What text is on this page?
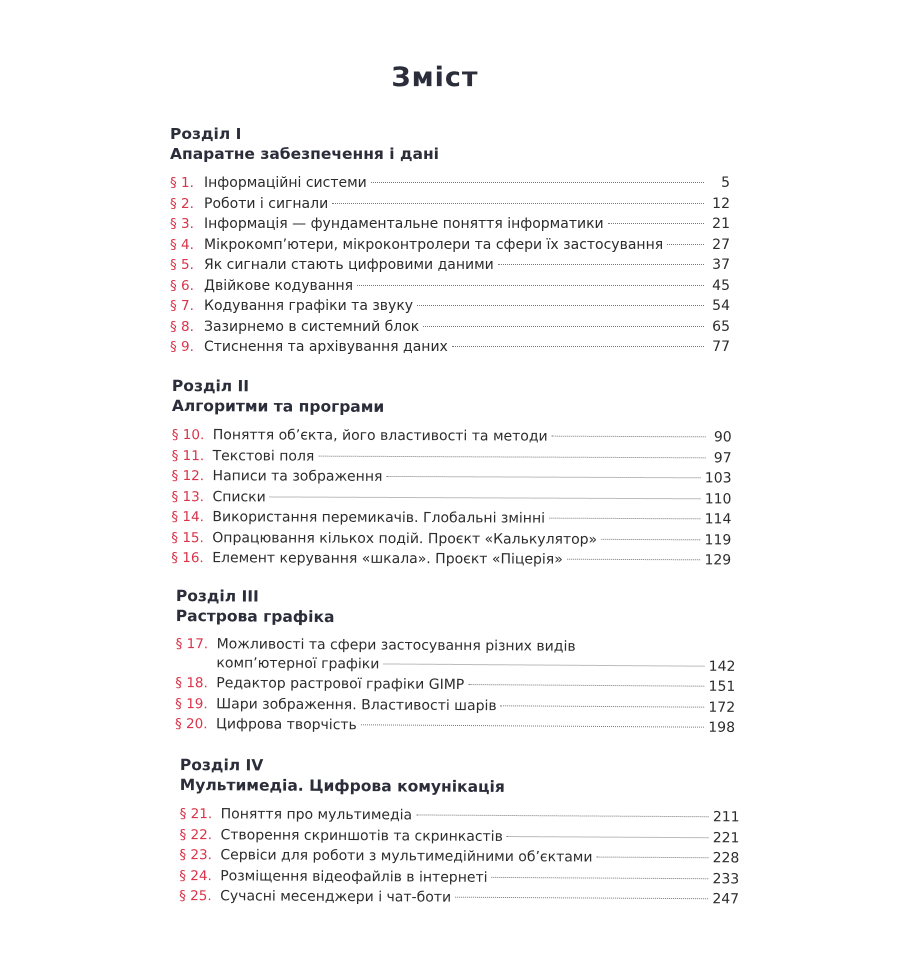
Зміст
Розділ І
Апаратне забезпечення і дані
§ 1. Інформаційні системи	5
§ 2. Роботи і сигнали	12
§ 3. Інформація — фундаментальне поняття інформатики	21
§ 4. Мікрокомп’ютери, мікроконтролери та сфери їх застосування	27
§ 5. Як сигнали стають цифровими даними	37
§ 6. Двійкове кодування	45
§ 7. Кодування графіки та звуку	54
§ 8. Зазирнемо в системний блок	65
§ 9. Стиснення та архівування даних	77
Розділ ІІ
Алгоритми та програми
§ 10. Поняття об’єкта, його властивості та методи	90
§ 11. Текстові поля	97
§ 12. Написи та зображення	103
§ 13. Списки	110
§ 14. Використання перемикачів. Глобальні змінні	114
§ 15. Опрацювання кількох подій. Проєкт «Калькулятор»	119
§ 16. Елемент керування «шкала». Проєкт «Піцерія»	129
Розділ ІІІ
Растрова графіка
§ 17. Можливості та сфери застосування різних видів
комп’ютерної графіки	142
§ 18. Редактор растрової графіки GIMP	151
§ 19. Шари зображення. Властивості шарів	172
§ 20. Цифрова творчість	198
Розділ IV
Мультимедіа. Цифрова комунікація
§ 21. Поняття про мультимедіа	211
§ 22. Створення скриншотів та скринкастів	221
§ 23. Сервіси для роботи з мультимедійними об’єктами	228
§ 24. Розміщення відеофайлів в інтернеті	233
§ 25. Сучасні месенджери і чат-боти	247
